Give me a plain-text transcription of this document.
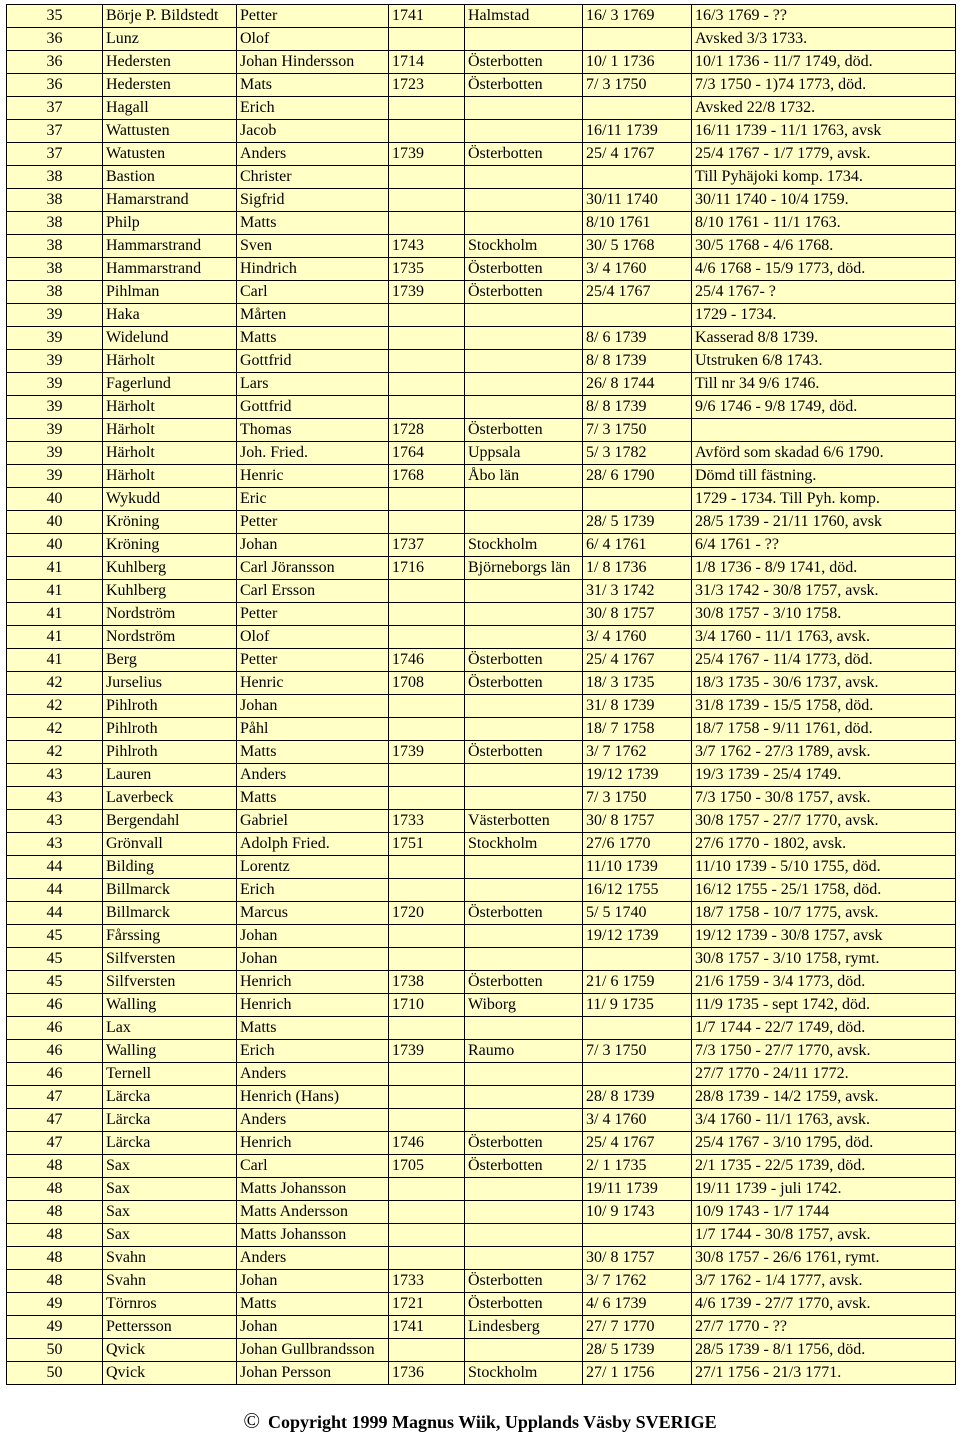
35	Börje P. Bildstedt	Petter	1741	Halmstad	16/ 3 1769	16/3 1769 - ??
36	Lunz	Olof				Avsked 3/3 1733.
36	Hedersten	Johan Hindersson	1714	Österbotten	10/ 1 1736	10/1 1736 - 11/7 1749, död.
36	Hedersten	Mats	1723	Österbotten	7/ 3 1750	7/3 1750 - 1)74 1773, död.
37	Hagall	Erich				Avsked 22/8 1732.
37	Wattusten	Jacob			16/11 1739	16/11 1739 - 11/1 1763, avsk
37	Watusten	Anders	1739	Österbotten	25/ 4 1767	25/4 1767 - 1/7 1779, avsk.
38	Bastion	Christer				Till Pyhäjoki komp. 1734.
38	Hamarstrand	Sigfrid			30/11 1740	30/11 1740 - 10/4 1759.
38	Philp	Matts			8/10 1761	8/10 1761 - 11/1 1763.
38	Hammarstrand	Sven	1743	Stockholm	30/ 5 1768	30/5 1768 - 4/6 1768.
38	Hammarstrand	Hindrich	1735	Österbotten	3/ 4 1760	4/6 1768 - 15/9 1773, död.
38	Pihlman	Carl	1739	Österbotten	25/4 1767	25/4 1767- ?
39	Haka	Mårten				1729 - 1734.
39	Widelund	Matts			8/ 6 1739	Kasserad 8/8 1739.
39	Härholt	Gottfrid			8/ 8 1739	Utstruken 6/8 1743.
39	Fagerlund	Lars			26/ 8 1744	Till nr 34 9/6 1746.
39	Härholt	Gottfrid			8/ 8 1739	9/6 1746 - 9/8 1749, död.
39	Härholt	Thomas	1728	Österbotten	7/ 3 1750	
39	Härholt	Joh. Fried.	1764	Uppsala	5/ 3 1782	Avförd som skadad 6/6 1790.
39	Härholt	Henric	1768	Åbo län	28/ 6 1790	Dömd till fästning.
40	Wykudd	Eric				1729 - 1734. Till Pyh. komp.
40	Kröning	Petter			28/ 5 1739	28/5 1739 - 21/11 1760, avsk
40	Kröning	Johan	1737	Stockholm	6/ 4 1761	6/4 1761 - ??
41	Kuhlberg	Carl Jöransson	1716	Björneborgs län	1/ 8 1736	1/8 1736 - 8/9 1741, död.
41	Kuhlberg	Carl Ersson			31/ 3 1742	31/3 1742 - 30/8 1757, avsk.
41	Nordström	Petter			30/ 8 1757	30/8 1757 - 3/10 1758.
41	Nordström	Olof			3/ 4 1760	3/4 1760 - 11/1 1763, avsk.
41	Berg	Petter	1746	Österbotten	25/ 4 1767	25/4 1767 - 11/4 1773, död.
42	Jurselius	Henric	1708	Österbotten	18/ 3 1735	18/3 1735 - 30/6 1737, avsk.
42	Pihlroth	Johan			31/ 8 1739	31/8 1739 - 15/5 1758, död.
42	Pihlroth	Påhl			18/ 7 1758	18/7 1758 - 9/11 1761, död.
42	Pihlroth	Matts	1739	Österbotten	3/ 7 1762	3/7 1762 - 27/3 1789, avsk.
43	Lauren	Anders			19/12 1739	19/3 1739 - 25/4 1749.
43	Laverbeck	Matts			7/ 3 1750	7/3 1750 - 30/8 1757, avsk.
43	Bergendahl	Gabriel	1733	Västerbotten	30/ 8 1757	30/8 1757 - 27/7 1770, avsk.
43	Grönvall	Adolph Fried.	1751	Stockholm	27/6 1770	27/6 1770 - 1802, avsk.
44	Bilding	Lorentz			11/10 1739	11/10 1739 - 5/10 1755, död.
44	Billmarck	Erich			16/12 1755	16/12 1755 - 25/1 1758, död.
44	Billmarck	Marcus	1720	Österbotten	5/ 5 1740	18/7 1758 - 10/7 1775, avsk.
45	Fårssing	Johan			19/12 1739	19/12 1739 - 30/8 1757, avsk
45	Silfversten	Johan				30/8 1757 - 3/10 1758, rymt.
45	Silfversten	Henrich	1738	Österbotten	21/ 6 1759	21/6 1759 - 3/4 1773, död.
46	Walling	Henrich	1710	Wiborg	11/ 9 1735	11/9 1735 - sept 1742, död.
46	Lax	Matts				1/7 1744 - 22/7 1749, död.
46	Walling	Erich	1739	Raumo	7/ 3 1750	7/3 1750 - 27/7 1770, avsk.
46	Ternell	Anders				27/7 1770 - 24/11 1772.
47	Lärcka	Henrich (Hans)			28/ 8 1739	28/8 1739 - 14/2 1759, avsk.
47	Lärcka	Anders			3/ 4 1760	3/4 1760 - 11/1 1763, avsk.
47	Lärcka	Henrich	1746	Österbotten	25/ 4 1767	25/4 1767 - 3/10 1795, död.
48	Sax	Carl	1705	Österbotten	2/ 1 1735	2/1 1735 - 22/5 1739, död.
48	Sax	Matts Johansson			19/11 1739	19/11 1739 - juli 1742.
48	Sax	Matts Andersson			10/ 9 1743	10/9 1743 - 1/7 1744
48	Sax	Matts Johansson				1/7 1744 - 30/8 1757, avsk.
48	Svahn	Anders			30/ 8 1757	30/8 1757 - 26/6 1761, rymt.
48	Svahn	Johan	1733	Österbotten	3/ 7 1762	3/7 1762 - 1/4 1777, avsk.
49	Törnros	Matts	1721	Österbotten	4/ 6 1739	4/6 1739 - 27/7 1770, avsk.
49	Pettersson	Johan	1741	Lindesberg	27/ 7 1770	27/7 1770 - ??
50	Qvick	Johan Gullbrandsson			28/ 5 1739	28/5 1739 - 8/1 1756, död.
50	Qvick	Johan Persson	1736	Stockholm	27/ 1 1756	27/1 1756 - 21/3 1771.
© Copyright 1999 Magnus Wiik, Upplands Väsby SVERIGE
